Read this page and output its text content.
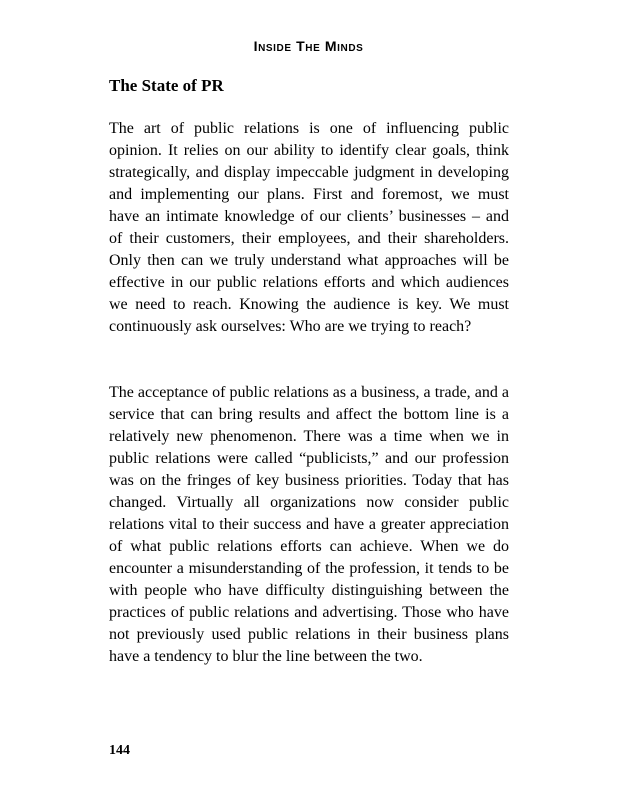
Inside The Minds
The State of PR

The art of public relations is one of influencing public opinion. It relies on our ability to identify clear goals, think strategically, and display impeccable judgment in developing and implementing our plans. First and foremost, we must have an intimate knowledge of our clients’ businesses – and of their customers, their employees, and their shareholders. Only then can we truly understand what approaches will be effective in our public relations efforts and which audiences we need to reach. Knowing the audience is key. We must continuously ask ourselves: Who are we trying to reach?

The acceptance of public relations as a business, a trade, and a service that can bring results and affect the bottom line is a relatively new phenomenon. There was a time when we in public relations were called “publicists,” and our profession was on the fringes of key business priorities. Today that has changed. Virtually all organizations now consider public relations vital to their success and have a greater appreciation of what public relations efforts can achieve. When we do encounter a misunderstanding of the profession, it tends to be with people who have difficulty distinguishing between the practices of public relations and advertising. Those who have not previously used public relations in their business plans have a tendency to blur the line between the two.

144
